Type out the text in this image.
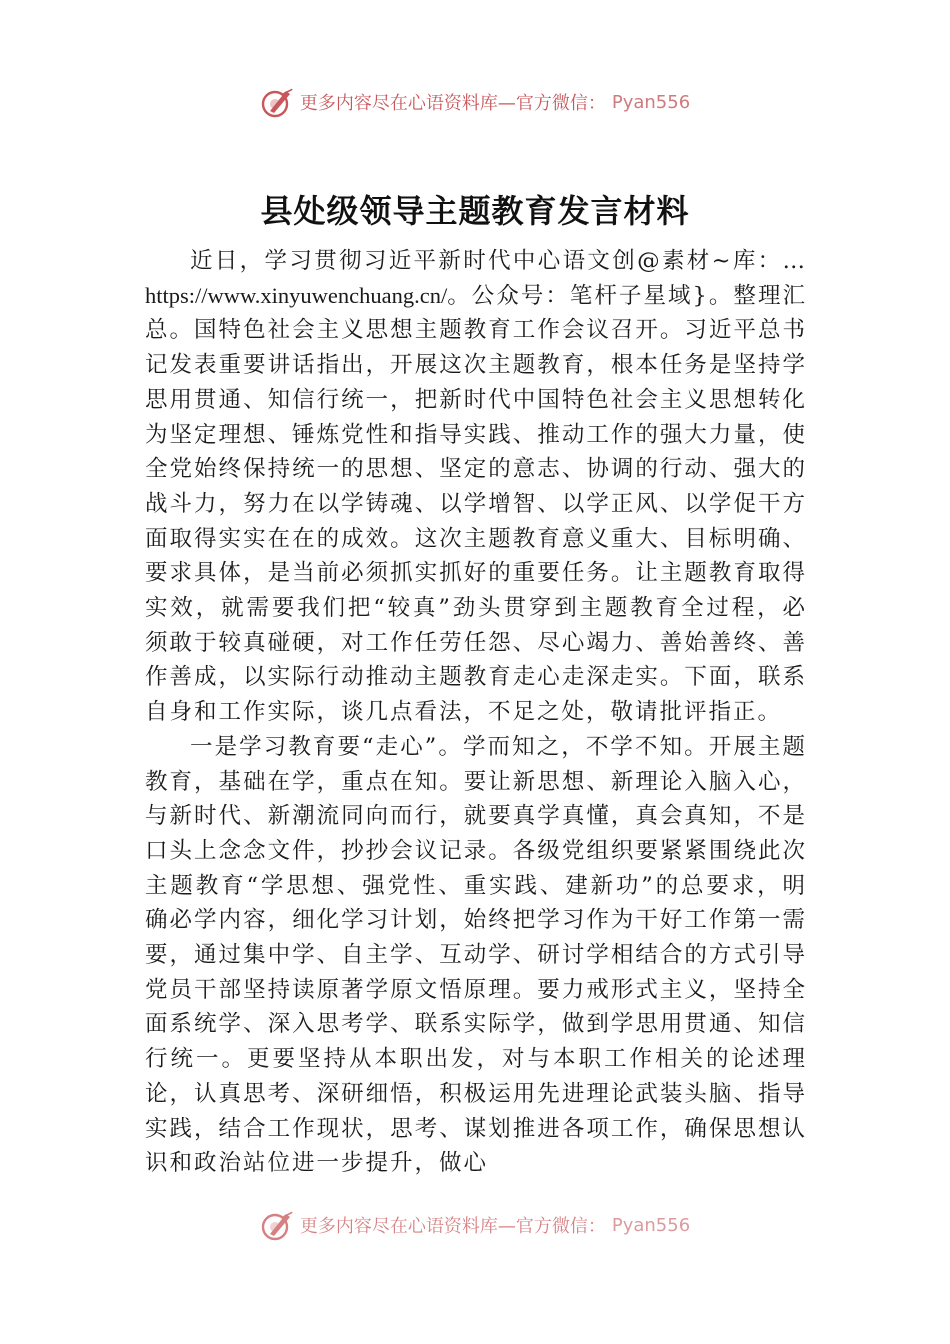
更多内容尽在心语资料库—官方微信： Pyan556
县处级领导主题教育发言材料

近日，学习贯彻习近平新时代中心语文创@素材~库：…https://www.xinyuwenchuang.cn/。公众号：笔杆子星域}。整理汇总。国特色社会主义思想主题教育工作会议召开。习近平总书记发表重要讲话指出，开展这次主题教育，根本任务是坚持学思用贯通、知信行统一，把新时代中国特色社会主义思想转化为坚定理想、锤炼党性和指导实践、推动工作的强大力量，使全党始终保持统一的思想、坚定的意志、协调的行动、强大的战斗力，努力在以学铸魂、以学增智、以学正风、以学促干方面取得实实在在的成效。这次主题教育意义重大、目标明确、要求具体，是当前必须抓实抓好的重要任务。让主题教育取得实效，就需要我们把“较真”劲头贯穿到主题教育全过程，必须敢于较真碰硬，对工作任劳任怨、尽心竭力、善始善终、善作善成，以实际行动推动主题教育走心走深走实。下面，联系自身和工作实际，谈几点看法，不足之处，敬请批评指正。

一是学习教育要“走心”。学而知之，不学不知。开展主题教育，基础在学，重点在知。要让新思想、新理论入脑入心，与新时代、新潮流同向而行，就要真学真懂，真会真知，不是口头上念念文件，抄抄会议记录。各级党组织要紧紧围绕此次主题教育“学思想、强党性、重实践、建新功”的总要求，明确必学内容，细化学习计划，始终把学习作为干好工作第一需要，通过集中学、自主学、互动学、研讨学相结合的方式引导党员干部坚持读原著学原文悟原理。要力戒形式主义，坚持全面系统学、深入思考学、联系实际学，做到学思用贯通、知信行统一。更要坚持从本职出发，对与本职工作相关的论述理论，认真思考、深研细悟，积极运用先进理论武装头脑、指导实践，结合工作现状，思考、谋划推进各项工作，确保思想认识和政治站位进一步提升，做心

更多内容尽在心语资料库—官方微信： Pyan556
